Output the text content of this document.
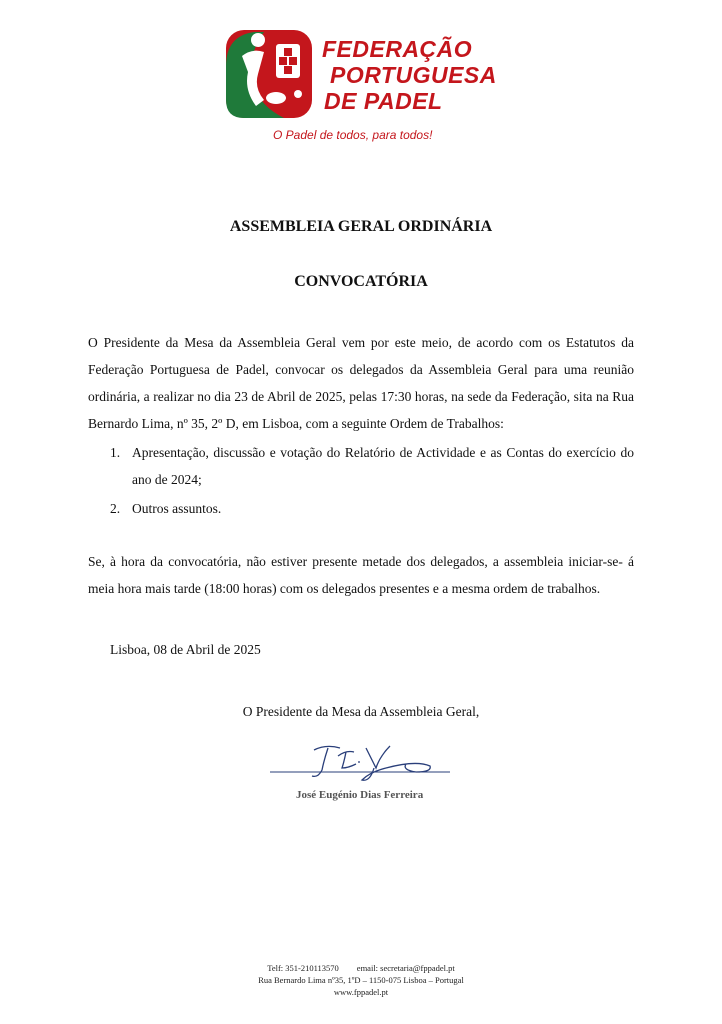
FEDERAÇÃO
PORTUGUESA
DE PADEL
O Padel de todos, para todos!
ASSEMBLEIA GERAL ORDINÁRIA
CONVOCATÓRIA
O Presidente da Mesa da Assembleia Geral vem por este meio, de acordo com os Estatutos da Federação Portuguesa de Padel, convocar os delegados da Assembleia Geral para uma reunião ordinária, a realizar no dia 23 de Abril de 2025, pelas 17:30 horas, na sede da Federação, sita na Rua Bernardo Lima, nº 35, 2º D, em Lisboa, com a seguinte Ordem de Trabalhos:
1. Apresentação, discussão e votação do Relatório de Actividade e as Contas do exercício do ano de 2024;
2. Outros assuntos.
Se, à hora da convocatória, não estiver presente metade dos delegados, a assembleia iniciar-se- á meia hora mais tarde (18:00 horas) com os delegados presentes e a mesma ordem de trabalhos.
Lisboa, 08 de Abril de 2025
O Presidente da Mesa da Assembleia Geral,
José Eugénio Dias Ferreira
Telf: 351-210113570 email: secretaria@fppadel.pt
Rua Bernardo Lima nº35, 1ºD – 1150-075 Lisboa – Portugal
www.fppadel.pt
